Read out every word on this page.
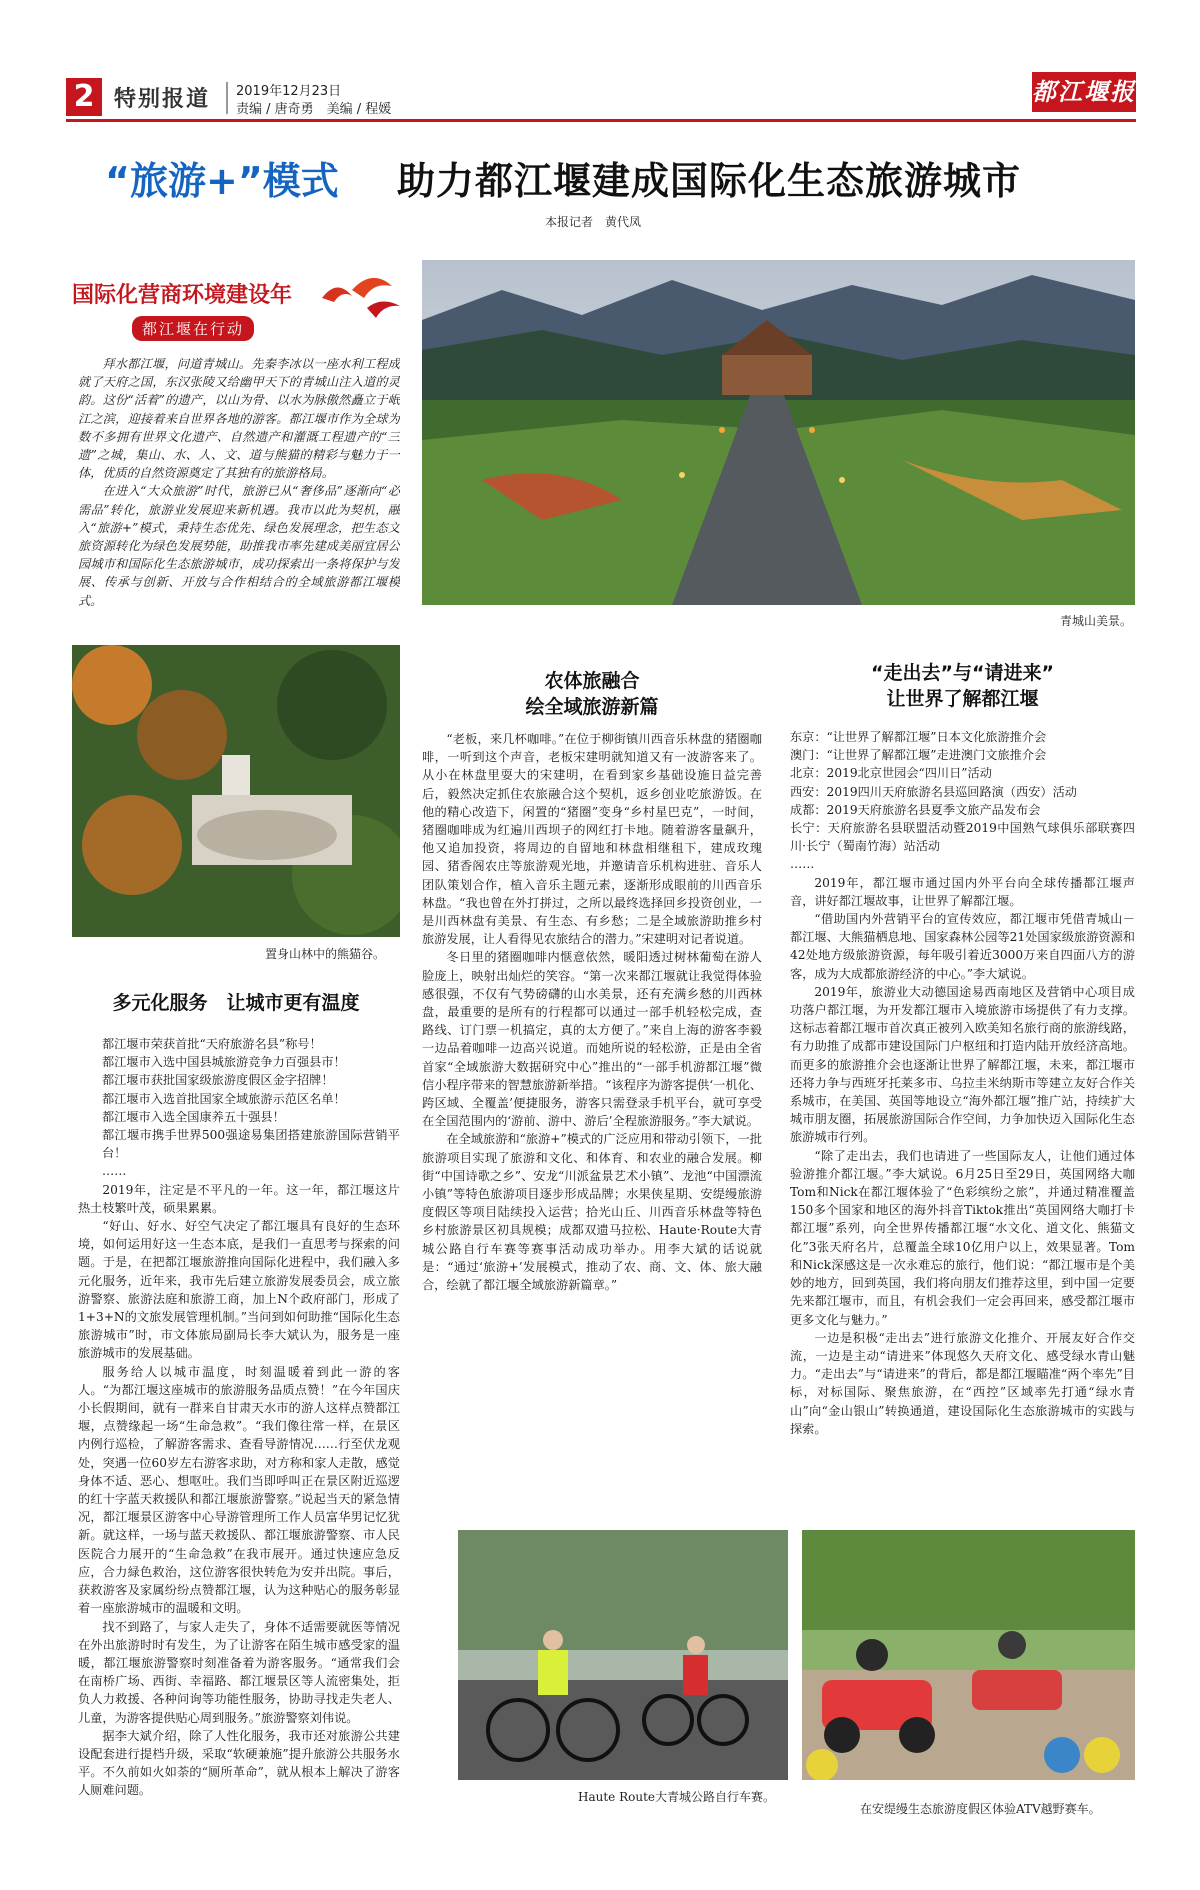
2 特别报道 2019年12月23日
责编 / 唐奇勇　美编 / 程媛
都江堰报
“旅游+”模式 助力都江堰建成国际化生态旅游城市
本报记者　黄代凤
国际化营商环境建设年
都江堰在行动

拜水都江堰，问道青城山。先秦李冰以一座水利工程成就了天府之国，东汉张陵又给幽甲天下的青城山注入道的灵韵。这份“活着”的遗产，以山为骨、以水为脉傲然矗立于岷江之滨，迎接着来自世界各地的游客。都江堰市作为全球为数不多拥有世界文化遗产、自然遗产和灌溉工程遗产的“三遗”之城，集山、水、人、文、道与熊猫的精彩与魅力于一体，优质的自然资源奠定了其独有的旅游格局。

在进入“大众旅游”时代，旅游已从“奢侈品”逐渐向“必需品”转化，旅游业发展迎来新机遇。我市以此为契机，融入“旅游+”模式，秉持生态优先、绿色发展理念，把生态文旅资源转化为绿色发展势能，助推我市率先建成美丽宜居公园城市和国际化生态旅游城市，成功探索出一条将保护与发展、传承与创新、开放与合作相结合的全域旅游都江堰模式。

青城山美景。
置身山林中的熊猫谷。
多元化服务　让城市更有温度

都江堰市荣获首批“天府旅游名县”称号！

都江堰市入选中国县城旅游竞争力百强县市！

都江堰市获批国家级旅游度假区金字招牌！

都江堰市入选首批国家全域旅游示范区名单！

都江堰市入选全国康养五十强县！

都江堰市携手世界500强途易集团搭建旅游国际营销平台！

……

2019年，注定是不平凡的一年。这一年，都江堰这片热土枝繁叶茂，硕果累累。

“好山、好水、好空气决定了都江堰具有良好的生态环境，如何运用好这一生态本底，是我们一直思考与探索的问题。于是，在把都江堰旅游推向国际化进程中，我们融入多元化服务，近年来，我市先后建立旅游发展委员会，成立旅游警察、旅游法庭和旅游工商，加上N个政府部门，形成了1+3+N的文旅发展管理机制。”当问到如何助推“国际化生态旅游城市”时，市文体旅局副局长李大斌认为，服务是一座旅游城市的发展基础。

服务给人以城市温度，时刻温暖着到此一游的客人。“为都江堰这座城市的旅游服务品质点赞！”在今年国庆小长假期间，就有一群来自甘肃天水市的游人这样点赞都江堰，点赞缘起一场“生命急救”。“我们像往常一样，在景区内例行巡检，了解游客需求、查看导游情况……行至伏龙观处，突遇一位60岁左右游客求助，对方称和家人走散，感觉身体不适、恶心、想呕吐。我们当即呼叫正在景区附近巡逻的红十字蓝天救援队和都江堰旅游警察。”说起当天的紧急情况，都江堰景区游客中心导游管理所工作人员富华男记忆犹新。就这样，一场与蓝天救援队、都江堰旅游警察、市人民医院合力展开的“生命急救”在我市展开。通过快速应急反应，合力緑色救治，这位游客很快转危为安并出院。事后，获救游客及家属纷纷点赞都江堰，认为这种贴心的服务彰显着一座旅游城市的温暖和文明。

找不到路了，与家人走失了，身体不适需要就医等情况在外出旅游时时有发生，为了让游客在陌生城市感受家的温暖，都江堰旅游警察时刻准备着为游客服务。“通常我们会在南桥广场、西街、幸福路、都江堰景区等人流密集处，拒负人力救援、各种问询等功能性服务，协助寻找走失老人、儿童，为游客提供贴心周到服务。”旅游警察刘伟说。

据李大斌介绍，除了人性化服务，我市还对旅游公共建设配套进行提档升级，采取“软硬兼施”提升旅游公共服务水平。不久前如火如荼的“厕所革命”，就从根本上解决了游客人厕难问题。

农体旅融合
绘全域旅游新篇

“老板，来几杯咖啡。”在位于柳街镇川西音乐林盘的猪圈咖啡，一听到这个声音，老板宋建明就知道又有一波游客来了。从小在林盘里耍大的宋建明，在看到家乡基础设施日益完善后，毅然决定抓住农旅融合这个契机，返乡创业吃旅游饭。在他的精心改造下，闲置的“猪圈”变身“乡村星巴克”，一时间，猪圈咖啡成为红遍川西坝子的网红打卡地。随着游客量飙升，他又追加投资，将周边的自留地和林盘相继租下，建成玫瑰园、猪香阁农庄等旅游观光地，并邀请音乐机构进驻、音乐人团队策划合作，植入音乐主题元素，逐渐形成眼前的川西音乐林盘。“我也曾在外打拼过，之所以最终选择回乡投资创业，一是川西林盘有美景、有生态、有乡愁；二是全域旅游助推乡村旅游发展，让人看得见农旅结合的潜力。”宋建明对记者说道。

冬日里的猪圈咖啡内惬意依然，暖阳透过树林葡萄在游人脸庞上，映射出灿烂的笑容。“第一次来都江堰就让我觉得体验感很强，不仅有气势磅礴的山水美景，还有充满乡愁的川西林盘，最重要的是所有的行程都可以通过一部手机轻松完成，查路线、订门票一机搞定，真的太方便了。”来自上海的游客李毅一边品着咖啡一边高兴说道。而她所说的轻松游，正是由全省首家“全域旅游大数据研究中心”推出的“一部手机游都江堰”微信小程序带来的智慧旅游新举措。“该程序为游客提供‘一机化、跨区域、全覆盖’便捷服务，游客只需登录手机平台，就可享受在全国范围内的‘游前、游中、游后’全程旅游服务。”李大斌说。

在全域旅游和“旅游+”模式的广泛应用和带动引领下，一批旅游项目实现了旅游和文化、和体育、和农业的融合发展。柳街“中国诗歌之乡”、安龙“川派盆景艺术小镇”、龙池“中国漂流小镇”等特色旅游项目逐步形成品牌；水果侠星期、安缇缦旅游度假区等项目陆续投入运营；拾光山丘、川西音乐林盘等特色乡村旅游景区初具规模；成都双遗马拉松、Haute·Route大青城公路自行车赛等赛事活动成功举办。用李大斌的话说就是：“通过‘旅游+’发展模式，推动了农、商、文、体、旅大融合，绘就了都江堰全域旅游新篇章。”

“走出去”与“请进来”
让世界了解都江堰

东京：“让世界了解都江堰”日本文化旅游推介会

澳门：“让世界了解都江堰”走进澳门文旅推介会

北京：2019北京世园会“四川日”活动

西安：2019四川天府旅游名县巡回路演（西安）活动

成都：2019天府旅游名县夏季文旅产品发布会

长宁：天府旅游名县联盟活动暨2019中国熟气球俱乐部联赛四川·长宁（蜀南竹海）站活动

……

2019年，都江堰市通过国内外平台向全球传播都江堰声音，讲好都江堰故事，让世界了解都江堰。

“借助国内外营销平台的宣传效应，都江堰市凭借青城山－都江堰、大熊猫栖息地、国家森林公园等21处国家级旅游资源和42处地方级旅游资源，每年吸引着近3000万来自四面八方的游客，成为大成都旅游经济的中心。”李大斌说。

2019年，旅游业大动德国途易西南地区及营销中心项目成功落户都江堰，为开发都江堰市入境旅游市场提供了有力支撑。这标志着都江堰市首次真正被列入欧美知名旅行商的旅游线路，有力助推了成都市建设国际门户枢纽和打造内陆开放经济高地。而更多的旅游推介会也逐渐让世界了解都江堰，未来，都江堰市还将力争与西班牙托莱多市、乌拉圭米纳斯市等建立友好合作关系城市，在美国、英国等地设立“海外都江堰”推广站，持续扩大城市朋友圈，拓展旅游国际合作空间，力争加快迈入国际化生态旅游城市行列。

“除了走出去，我们也请进了一些国际友人，让他们通过体验游推介都江堰。”李大斌说。6月25日至29日，英国网络大咖Tom和Nick在都江堰体验了“色彩缤纷之旅”，并通过精准覆盖150多个国家和地区的海外抖音Tiktok推出“英国网络大咖打卡都江堰”系列，向全世界传播都江堰“水文化、道文化、熊猫文化”3张天府名片，总覆盖全球10亿用户以上，效果显著。Tom和Nick深感这是一次永难忘的旅行，他们说：“都江堰市是个美妙的地方，回到英国，我们将向朋友们推荐这里，到中国一定要先来都江堰市，而且，有机会我们一定会再回来，感受都江堰市更多文化与魅力。”

一边是积极“走出去”进行旅游文化推介、开展友好合作交流，一边是主动“请进来”体现悠久天府文化、感受绿水青山魅力。“走出去”与“请进来”的背后，都是都江堰瞄准“两个率先”目标，对标国际、聚焦旅游，在“西控”区域率先打通“绿水青山”向“金山银山”转换通道，建设国际化生态旅游城市的实践与探索。

Haute Route大青城公路自行车赛。
在安缇缦生态旅游度假区体验ATV越野赛车。
